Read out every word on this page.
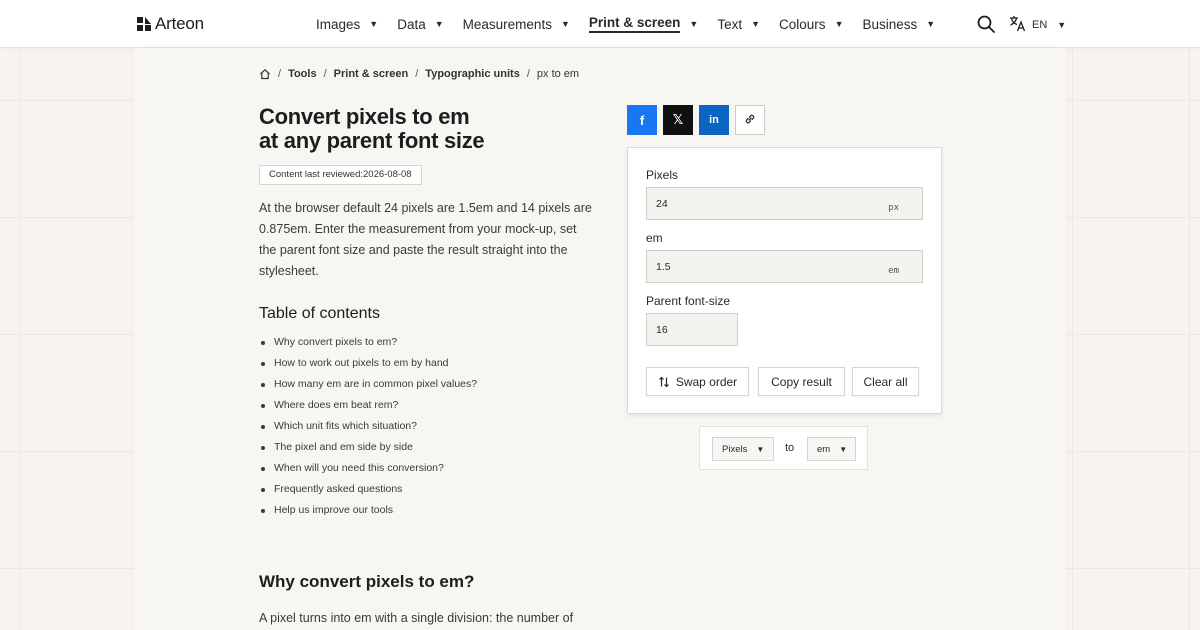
Arteon	Images ▼ Data ▼ Measurements ▼ Print & screen ▼ Text ▼ Colours ▼ Business ▼	EN ▼
/ Tools / Print & screen / Typographic units / px to em
Convert pixels to em
at any parent font size
Content last reviewed:2026-08-08

At the browser default 24 pixels are 1.5em and 14 pixels are 0.875em. Enter the measurement from your mock-up, set the parent font size and paste the result straight into the stylesheet.

Table of contents
Why convert pixels to em?
How to work out pixels to em by hand
How many em are in common pixel values?
Where does em beat rem?
Which unit fits which situation?
The pixel and em side by side
When will you need this conversion?
Frequently asked questions
Help us improve our tools
Why convert pixels to em?

A pixel turns into em with a single division: the number of

f 𝕏 in
Pixels
24	px
em
1.5	em
Parent font-size
16
Swap order	Copy result	Clear all
Pixels ▼ to em ▼
